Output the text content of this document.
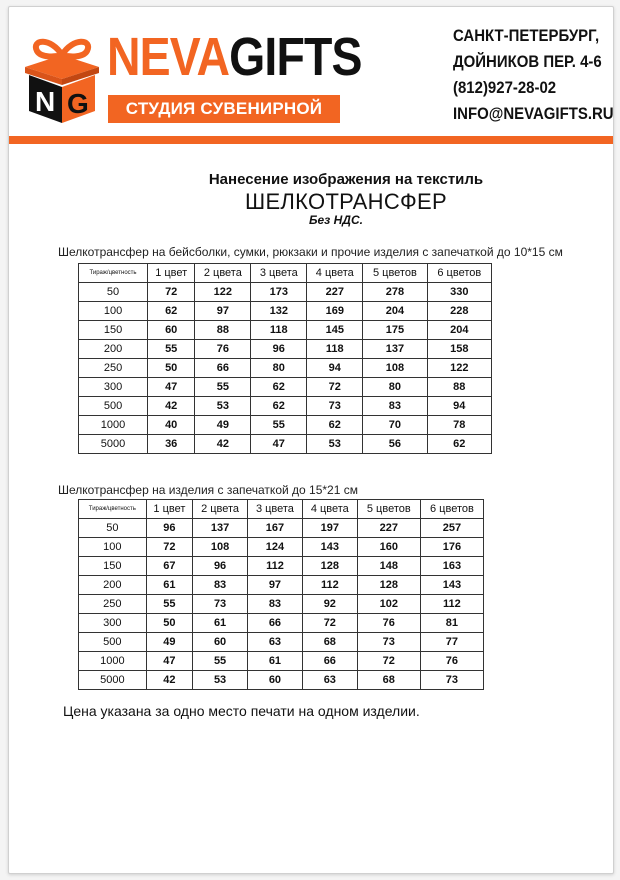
N G
NEVAGIFTS
СТУДИЯ СУВЕНИРНОЙ
САНКТ-ПЕТЕРБУРГ,
ДОЙНИКОВ ПЕР. 4-6
(812)927-28-02
INFO@NEVAGIFTS.RU
Нанесение изображения на текстиль
ШЕЛКОТРАНСФЕР
Без НДС.
Шелкотрансфер на бейсболки, сумки, рюкзаки и прочие изделия с запечаткой до 10*15 см
Тираж/цветность	1 цвет	2 цвета	3 цвета	4 цвета	5 цветов	6 цветов
50	72	122	173	227	278	330
100	62	97	132	169	204	228
150	60	88	118	145	175	204
200	55	76	96	118	137	158
250	50	66	80	94	108	122
300	47	55	62	72	80	88
500	42	53	62	73	83	94
1000	40	49	55	62	70	78
5000	36	42	47	53	56	62
Шелкотрансфер на изделия с запечаткой до 15*21 см
Тираж/цветность	1 цвет	2 цвета	3 цвета	4 цвета	5 цветов	6 цветов
50	96	137	167	197	227	257
100	72	108	124	143	160	176
150	67	96	112	128	148	163
200	61	83	97	112	128	143
250	55	73	83	92	102	112
300	50	61	66	72	76	81
500	49	60	63	68	73	77
1000	47	55	61	66	72	76
5000	42	53	60	63	68	73
Цена указана за одно место печати на одном изделии.
